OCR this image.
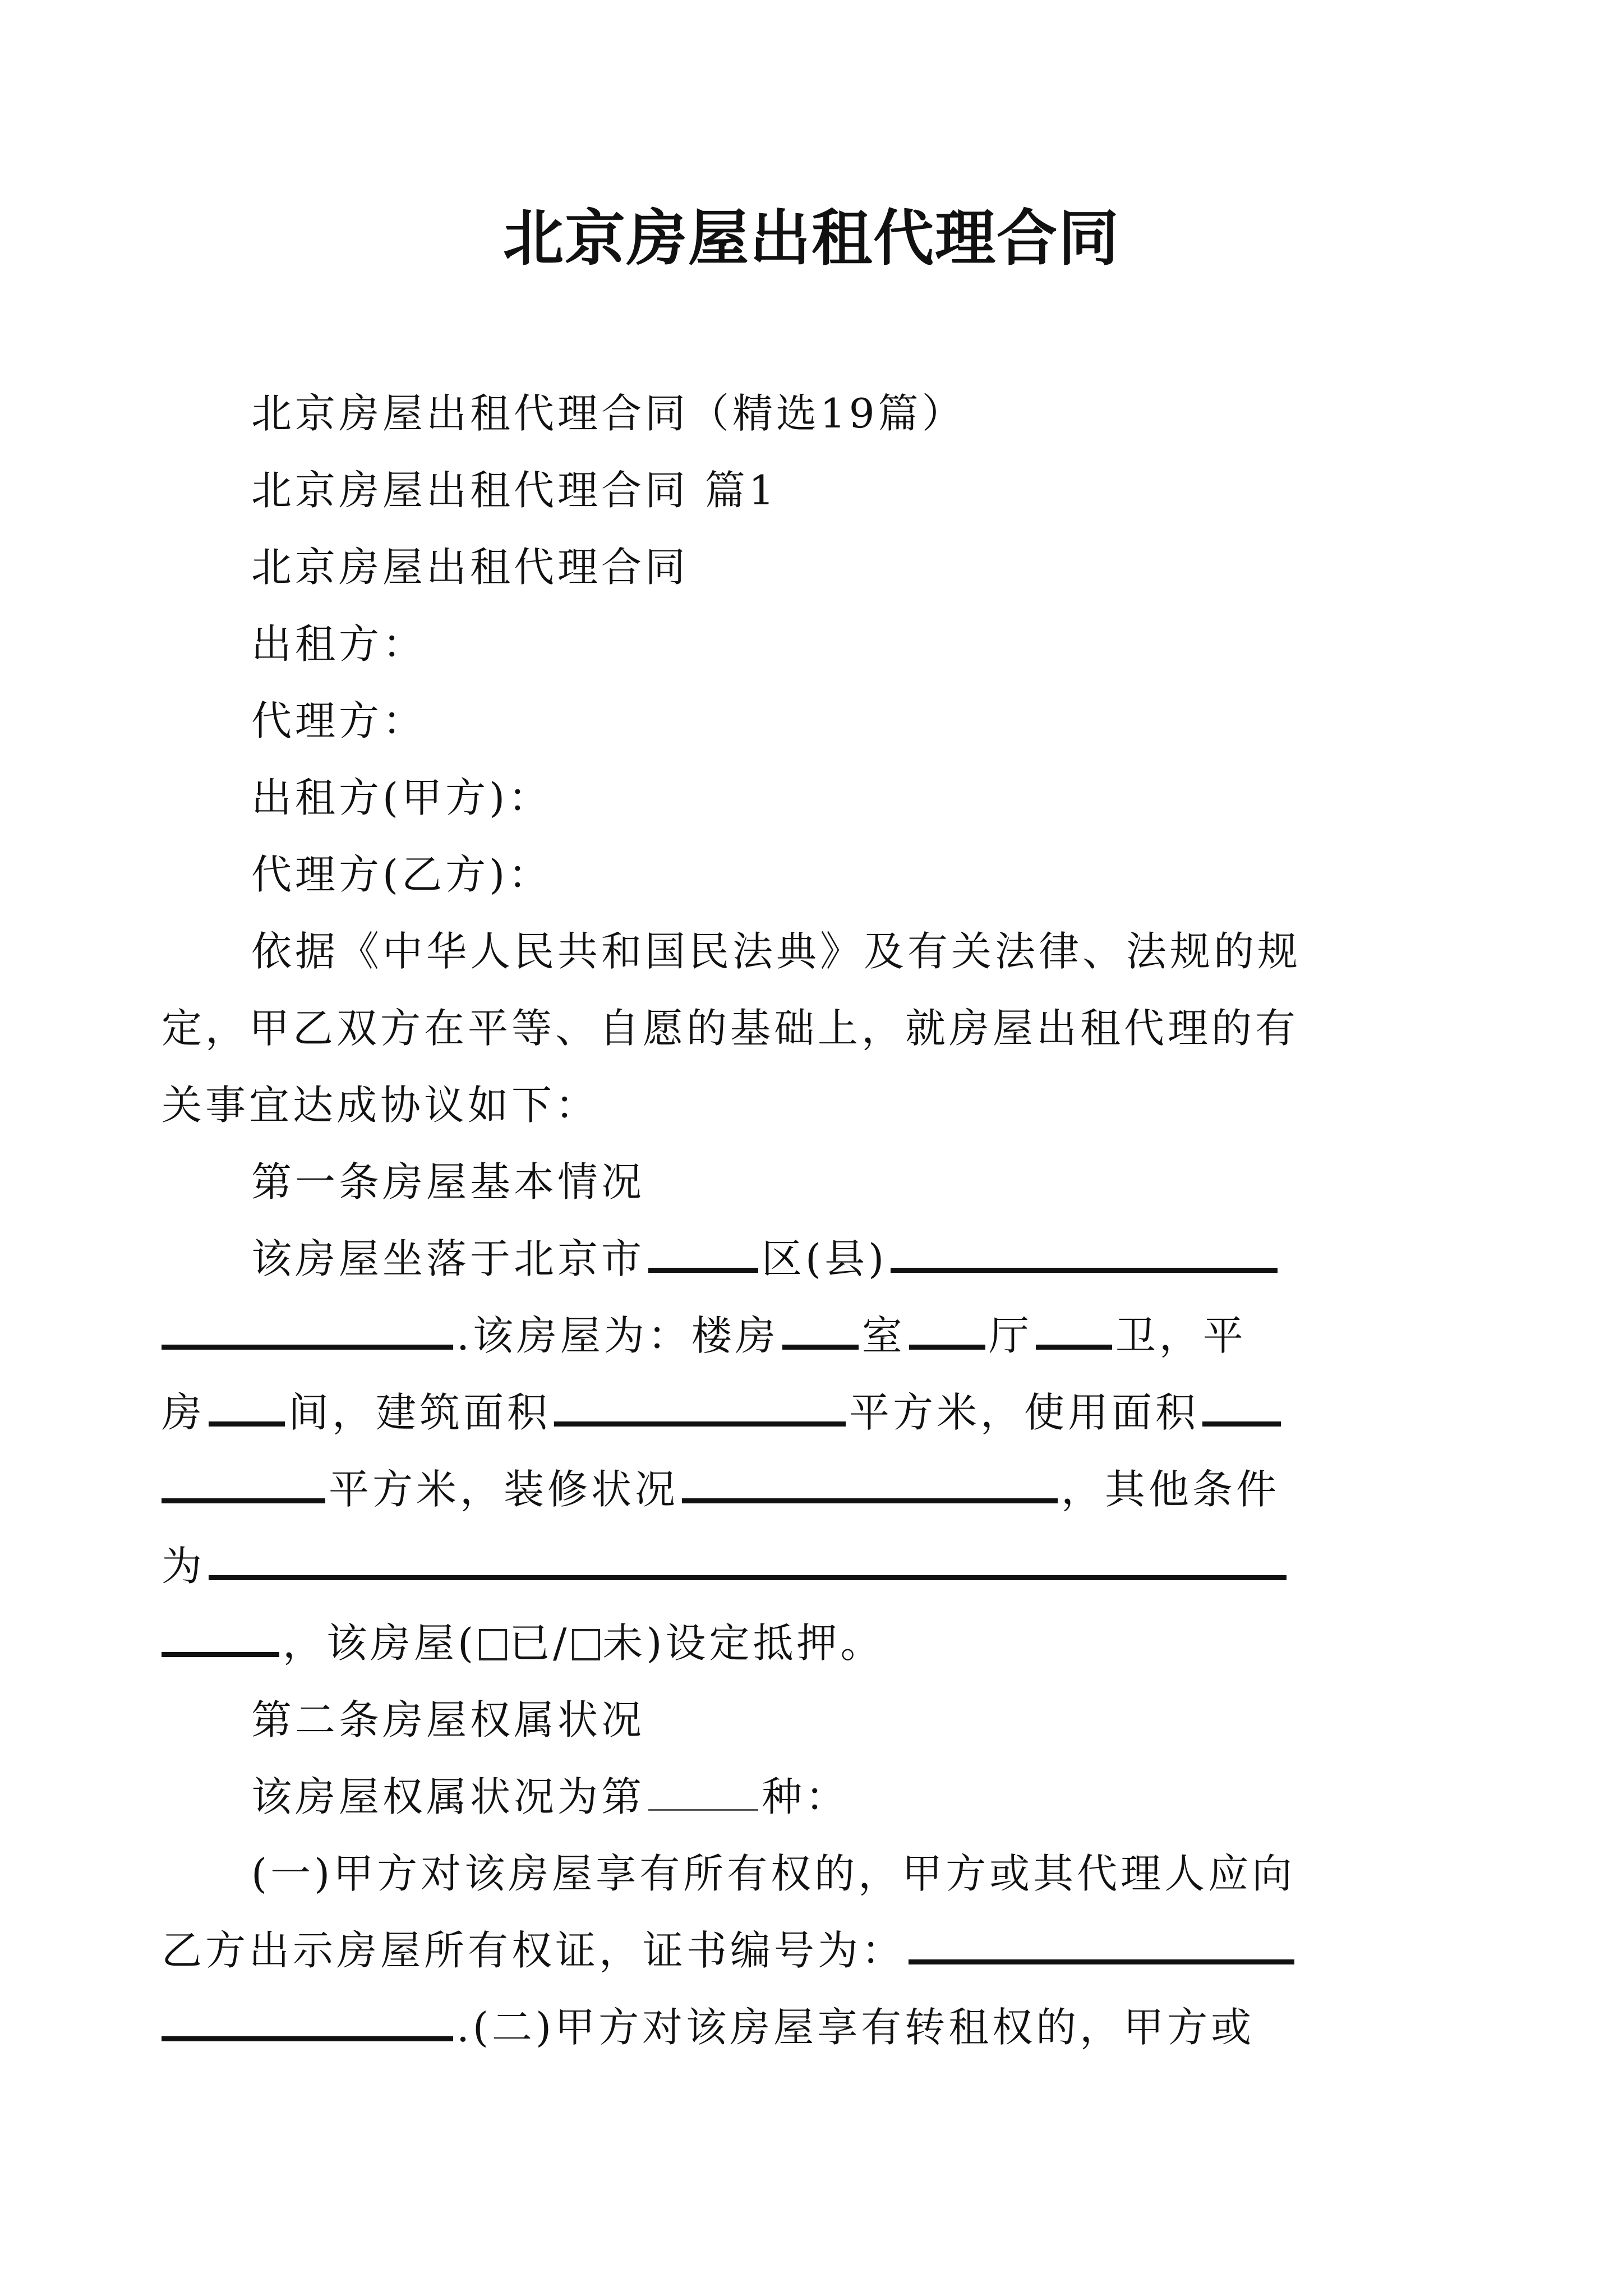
北京房屋出租代理合同
北京房屋出租代理合同（精选19篇）
北京房屋出租代理合同 篇1
北京房屋出租代理合同
出租方：
代理方：
出租方(甲方)：
代理方(乙方)：
依据《中华人民共和国民法典》及有关法律、法规的规
定，甲乙双方在平等、自愿的基础上，就房屋出租代理的有
关事宜达成协议如下：
第一条房屋基本情况
该房屋坐落于北京市	区(县)
.该房屋为：楼房 室 厅 卫，平
房 间，建筑面积	平方米，使用面积
平方米，装修状况	，其他条件
为
，该房屋( 已/ 未)设定抵押。
第二条房屋权属状况
该房屋权属状况为第	种：
(一)甲方对该房屋享有所有权的，甲方或其代理人应向
乙方出示房屋所有权证，证书编号为：
.(二)甲方对该房屋享有转租权的，甲方或
